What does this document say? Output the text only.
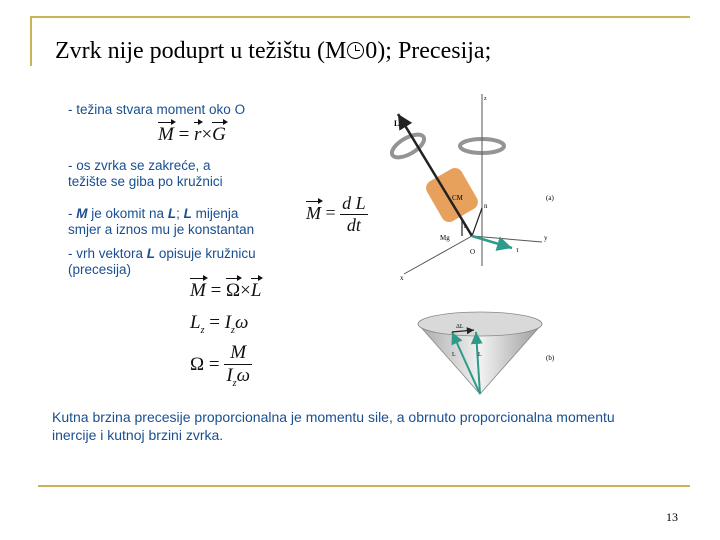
Zvrk nije poduprt u težištu (M 0); Precesija;
- težina stvara moment oko O
- os zvrka se zakreće, a
težište se giba po kružnici
- M je okomit na L; L mijenja
smjer a iznos mu je konstantan
- vrh vektora L opisuje kružnicu
(precesija)
M = r×G
$M = \frac{\text{d L}}{dt}$
M = Ω×L
$L_z = I_z\omega$
$\Omega = \frac{M}{I_z\omega}$
z
L
CM
n
Mg
r
O
y
x
τ
(a)
ΔL
L	L	(b)
Kutna brzina precesije proporcionalna je momentu sile, a obrnuto proporcionalna momentu inercije i kutnoj brzini zvrka.
13
